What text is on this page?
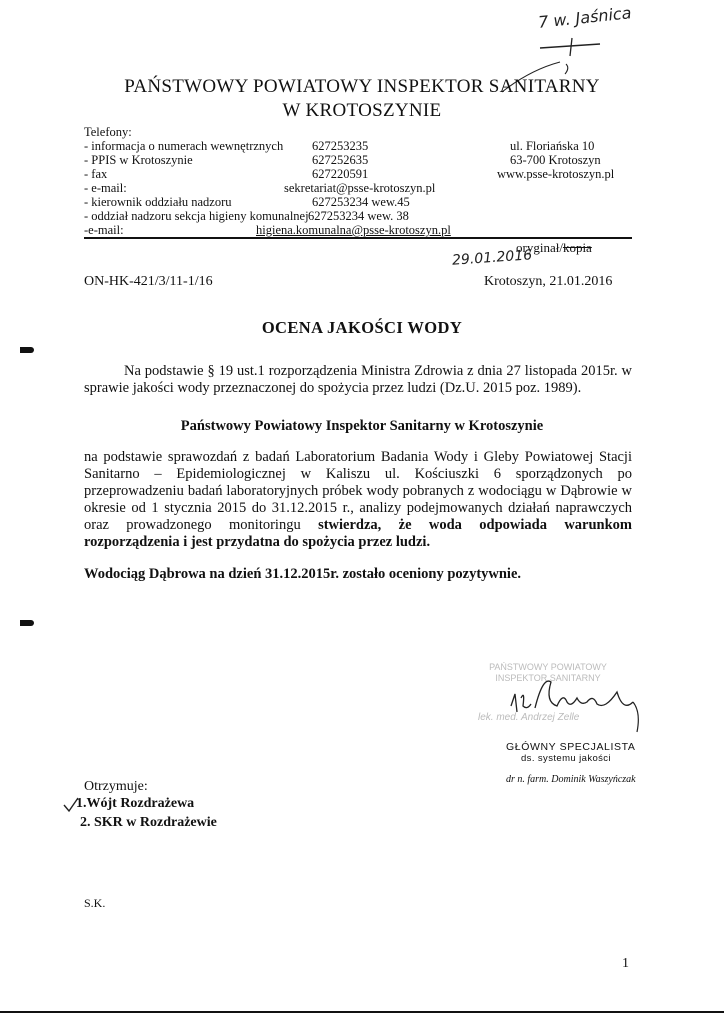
7 w. Jaśnica
PAŃSTWOWY POWIATOWY INSPEKTOR SANITARNY
W KROTOSZYNIE
Telefony:
- informacja o numerach wewnętrznych 627253235
- PPIS w Krotoszynie	627252635
- fax	627220591
- e-mail:	sekretariat@psse-krotoszyn.pl
- kierownik oddziału nadzoru	627253234 wew.45
- oddział nadzoru sekcja higieny komunalnej 627253234 wew. 38
-e-mail:	higiena.komunalna@psse-krotoszyn.pl
ul. Floriańska 10
63-700 Krotoszyn
www.psse-krotoszyn.pl
oryginał/kopia
29.01.2016
ON-HK-421/3/11-1/16	Krotoszyn, 21.01.2016
OCENA JAKOŚCI WODY
Na podstawie § 19 ust.1 rozporządzenia Ministra Zdrowia z dnia 27 listopada 2015r. w sprawie jakości wody przeznaczonej do spożycia przez ludzi (Dz.U. 2015 poz. 1989).
Państwowy Powiatowy Inspektor Sanitarny w Krotoszynie
na podstawie sprawozdań z badań Laboratorium Badania Wody i Gleby Powiatowej Stacji Sanitarno – Epidemiologicznej w Kaliszu ul. Kościuszki 6 sporządzonych po przeprowadzeniu badań laboratoryjnych próbek wody pobranych z wodociągu w Dąbrowie w okresie od 1 stycznia 2015 do 31.12.2015 r., analizy podejmowanych działań naprawczych oraz prowadzonego monitoringu stwierdza, że woda odpowiada warunkom rozporządzenia i jest przydatna do spożycia przez ludzi.
Wodociąg Dąbrowa na dzień 31.12.2015r. zostało oceniony pozytywnie.
PAŃSTWOWY POWIATOWY INSPEKTOR SANITARNY
lek. med. Andrzej Zelle
GŁÓWNY SPECJALISTA
ds. systemu jakości
dr n. farm. Dominik Waszyńczak
Otrzymuje:
1.Wójt Rozdrażewa
2. SKR w Rozdrażewie
S.K.
1
